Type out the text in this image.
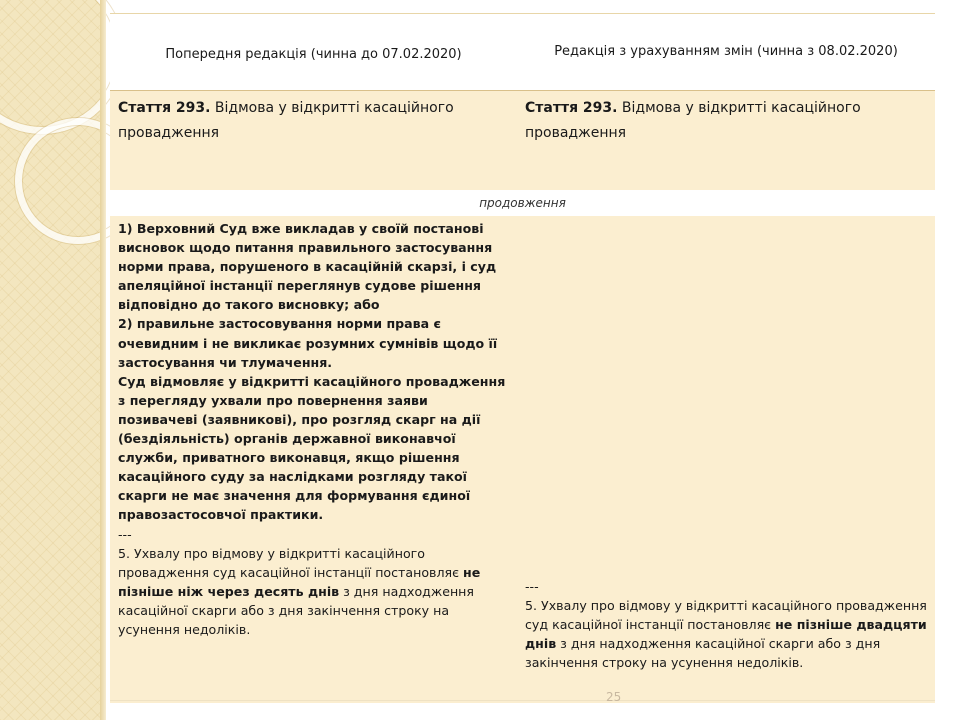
Попередня редакція (чинна до 07.02.2020)	Редакція з урахуванням змін (чинна з 08.02.2020)
Стаття 293. Відмова у відкритті касаційного провадження
Стаття 293. Відмова у відкритті касаційного провадження
продовження
1) Верховний Суд вже викладав у своїй постанові висновок щодо питання правильного застосування норми права, порушеного в касаційній скарзі, і суд апеляційної інстанції переглянув судове рішення відповідно до такого висновку; або
2) правильне застосовування норми права є очевидним і не викликає розумних сумнівів щодо її застосування чи тлумачення.
Суд відмовляє у відкритті касаційного провадження з перегляду ухвали про повернення заяви позивачеві (заявникові), про розгляд скарг на дії (бездіяльність) органів державної виконавчої служби, приватного виконавця, якщо рішення касаційного суду за наслідками розгляду такої скарги не має значення для формування єдиної правозастосовчої практики.
---
5. Ухвалу про відмову у відкритті касаційного провадження суд касаційної інстанції постановляє не пізніше ніж через десять днів з дня надходження касаційної скарги або з дня закінчення строку на усунення недоліків.
---
5. Ухвалу про відмову у відкритті касаційного провадження суд касаційної інстанції постановляє не пізніше двадцяти днів з дня надходження касаційної скарги або з дня закінчення строку на усунення недоліків.
25
